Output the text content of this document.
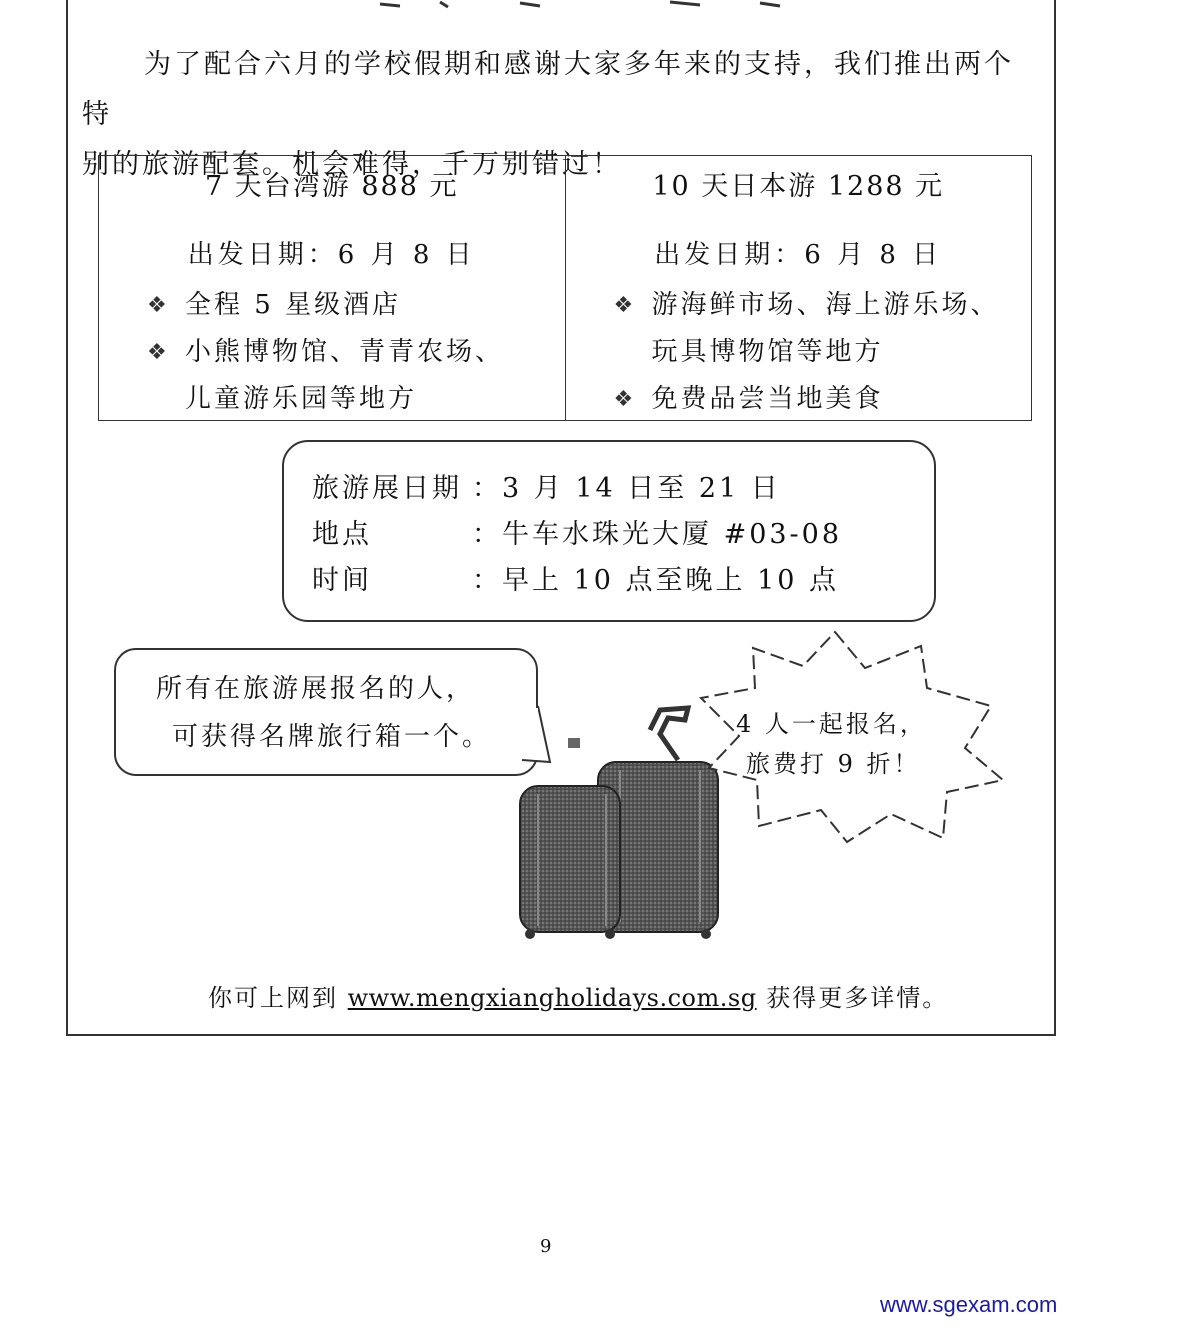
为了配合六月的学校假期和感谢大家多年来的支持，我们推出两个特

别的旅游配套。机会难得，千万别错过！

7 天台湾游 888 元
出发日期：6 月 8 日
❖ 全程 5 星级酒店
❖ 小熊博物馆、青青农场、
儿童游乐园等地方
10 天日本游 1288 元
出发日期：6 月 8 日
❖ 游海鲜市场、海上游乐场、
玩具博物馆等地方
❖ 免费品尝当地美食
旅游展日期 ：3 月 14 日至 21 日
地点	：牛车水珠光大厦 #03-08
时间	：早上 10 点至晚上 10 点
所有在旅游展报名的人，
可获得名牌旅行箱一个。	4 人一起报名，
旅费打 9 折！
你可上网到 www.mengxiangholidays.com.sg 获得更多详情。
9
www.sgexam.com
